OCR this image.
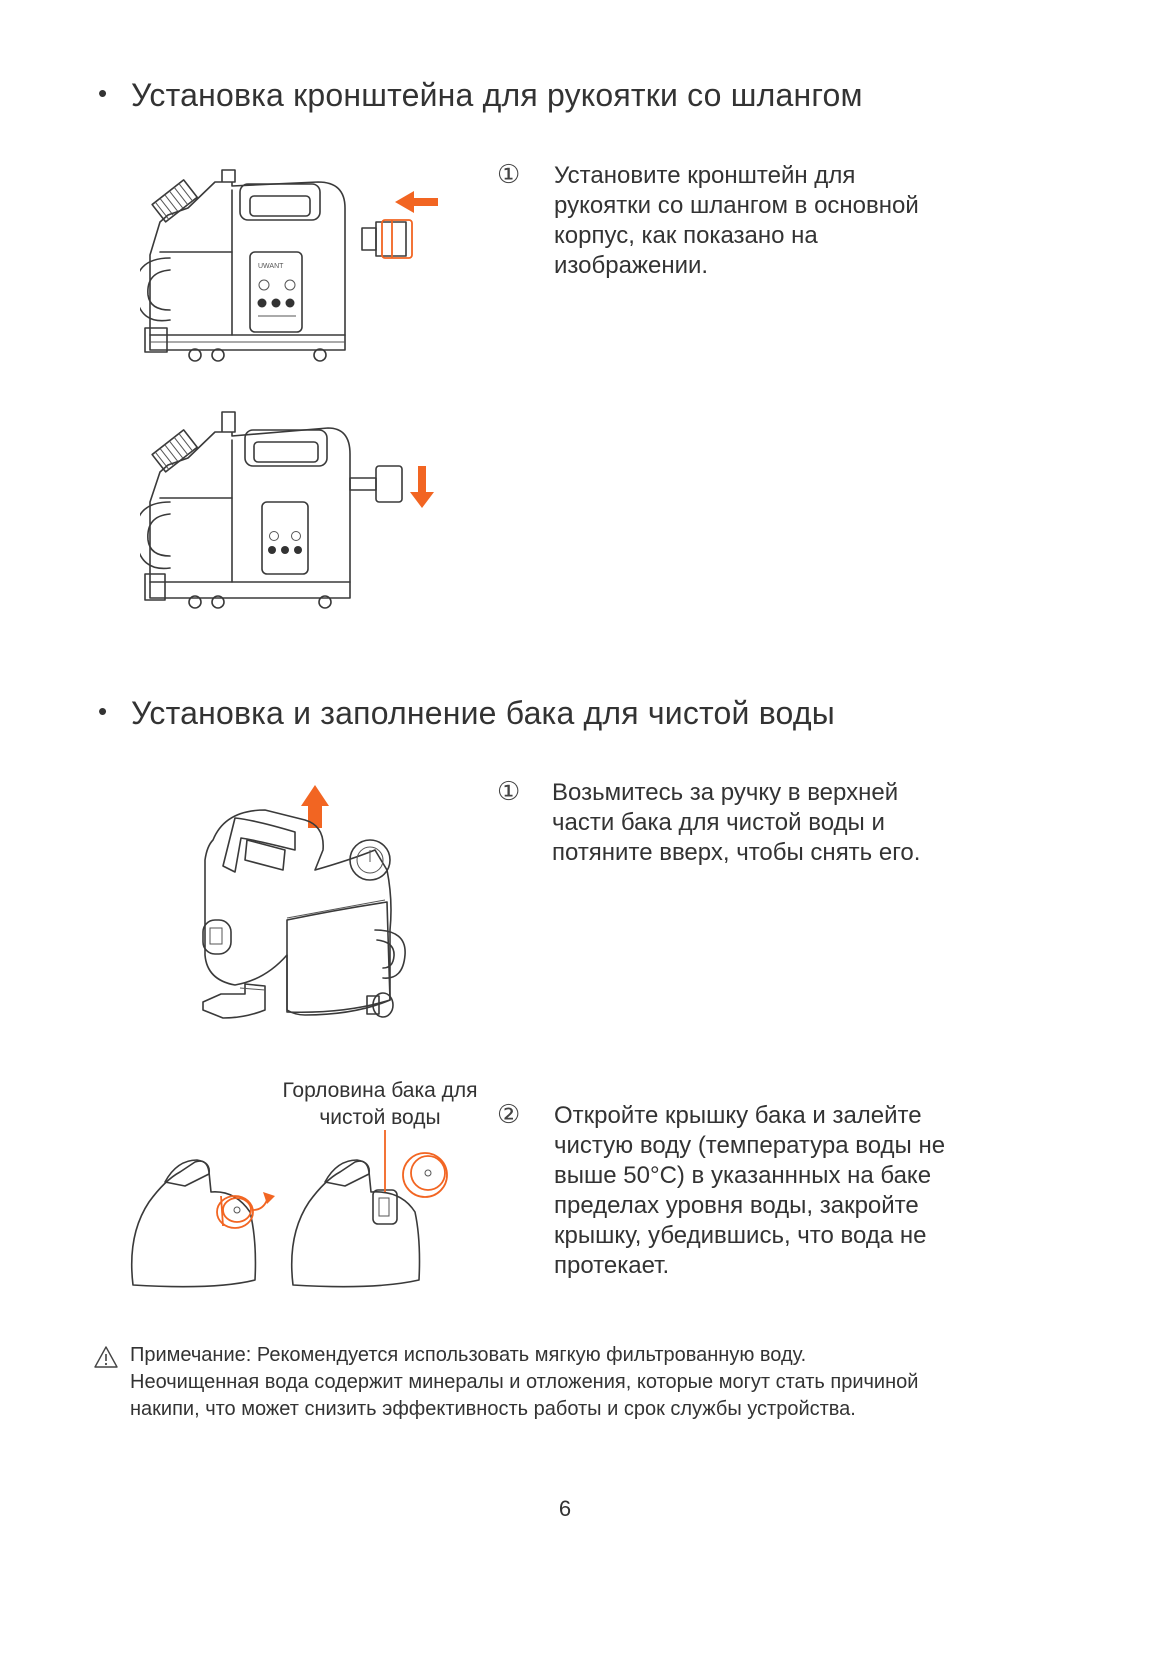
• Установка кронштейна для рукоятки со шлангом
UWANT
① Установите кронштейн для
рукоятки со шлангом в основной
корпус, как показано на
изображении.
• Установка и заполнение бака для чистой воды
Горловина бака для
чистой воды
① Возьмитесь за ручку в верхней
части бака для чистой воды и
потяните вверх, чтобы снять его.
② Откройте крышку бака и залейте
чистую воду (температура воды не
выше 50°C) в указаннных на баке
пределах уровня воды, закройте
крышку, убедившись, что вода не
протекает.
Примечание: Рекомендуется использовать мягкую фильтрованную воду.
Неочищенная вода содержит минералы и отложения, которые могут стать причиной
накипи, что может снизить эффективность работы и срок службы устройства.
6
